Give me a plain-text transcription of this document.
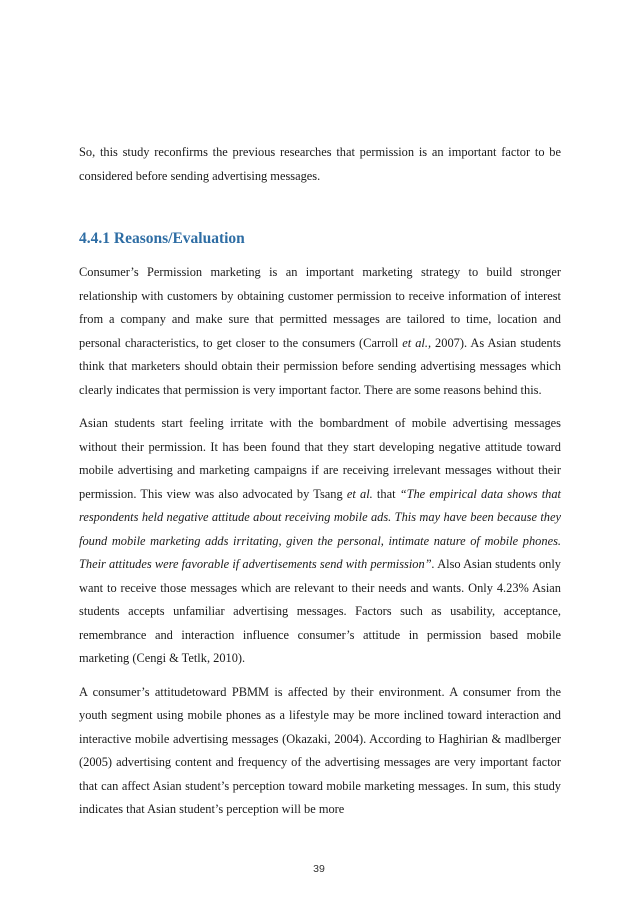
So, this study reconfirms the previous researches that permission is an important factor to be considered before sending advertising messages.

4.4.1 Reasons/Evaluation

Consumer’s Permission marketing is an important marketing strategy to build stronger relationship with customers by obtaining customer permission to receive information of interest from a company and make sure that permitted messages are tailored to time, location and personal characteristics, to get closer to the consumers (Carroll et al., 2007). As Asian students think that marketers should obtain their permission before sending advertising messages which clearly indicates that permission is very important factor. There are some reasons behind this.

Asian students start feeling irritate with the bombardment of mobile advertising messages without their permission. It has been found that they start developing negative attitude toward mobile advertising and marketing campaigns if are receiving irrelevant messages without their permission. This view was also advocated by Tsang et al. that “The empirical data shows that respondents held negative attitude about receiving mobile ads. This may have been because they found mobile marketing adds irritating, given the personal, intimate nature of mobile phones. Their attitudes were favorable if advertisements send with permission”. Also Asian students only want to receive those messages which are relevant to their needs and wants. Only 4.23% Asian students accepts unfamiliar advertising messages. Factors such as usability, acceptance, remembrance and interaction influence consumer’s attitude in permission based mobile marketing (Cengi & Tetlk, 2010).

A consumer’s attitudetoward PBMM is affected by their environment. A consumer from the youth segment using mobile phones as a lifestyle may be more inclined toward interaction and interactive mobile advertising messages (Okazaki, 2004). According to Haghirian & madlberger (2005) advertising content and frequency of the advertising messages are very important factor that can affect Asian student’s perception toward mobile marketing messages. In sum, this study indicates that Asian student’s perception will be more

39
